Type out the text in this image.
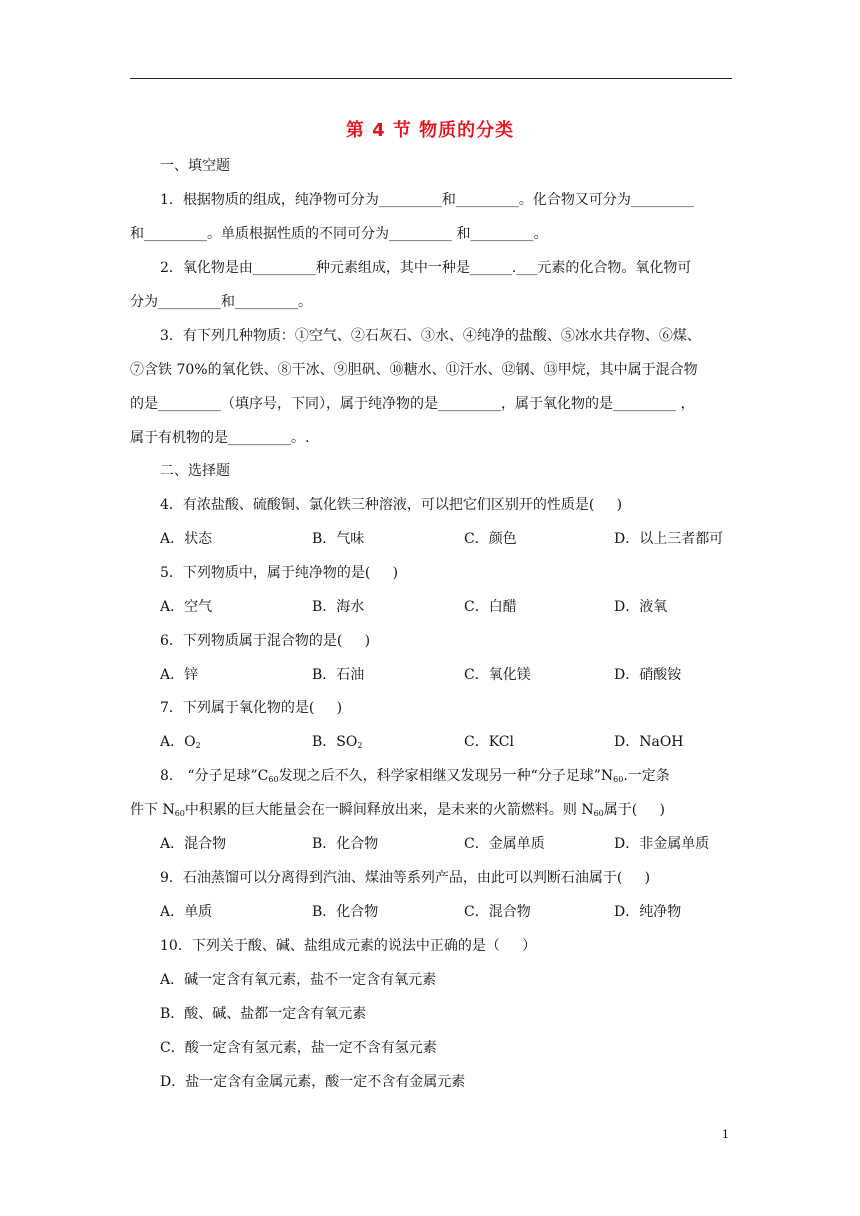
第 4 节 物质的分类
一、填空题
1．根据物质的组成，纯净物可分为_________和_________。化合物又可分为_________
和_________。单质根据性质的不同可分为_________ 和_________。
2．氧化物是由_________种元素组成，其中一种是______.___元素的化合物。氧化物可
分为_________和_________。
3．有下列几种物质：①空气、②石灰石、③水、④纯净的盐酸、⑤冰水共存物、⑥煤、
⑦含铁 70%的氧化铁、⑧干冰、⑨胆矾、⑩糖水、⑪汗水、⑫钢、⑬甲烷，其中属于混合物
的是_________（填序号，下同），属于纯净物的是_________，属于氧化物的是_________ ，
属于有机物的是_________。.
二、选择题
4．有浓盐酸、硫酸铜、氯化铁三种溶液，可以把它们区别开的性质是(     )
A．状态	B．气味	C．颜色	D．以上三者都可
5．下列物质中，属于纯净物的是(     )
A．空气	B．海水	C．白醋	D．液氧
6．下列物质属于混合物的是(     )
A．锌	B．石油	C．氧化镁	D．硝酸铵
7．下列属于氧化物的是(     )
A．$O_2$	B．$SO_2$	C．KCl	D．NaOH
8． “分子足球$”C_{60}$发现之后不久，科学家相继又发现另一种“分子足球$”N_{60}$.一定条
件下 $N_{60}$中积累的巨大能量会在一瞬间释放出来，是未来的火箭燃料。则 $N_{60}$属于(     )
A．混合物	B．化合物	C．金属单质	D．非金属单质
9．石油蒸馏可以分离得到汽油、煤油等系列产品，由此可以判断石油属于(     )
A．单质	B．化合物	C．混合物	D．纯净物
10．下列关于酸、碱、盐组成元素的说法中正确的是（     ）
A．碱一定含有氧元素，盐不一定含有氧元素
B．酸、碱、盐都一定含有氧元素
C．酸一定含有氢元素，盐一定不含有氢元素
D．盐一定含有金属元素，酸一定不含有金属元素
1
